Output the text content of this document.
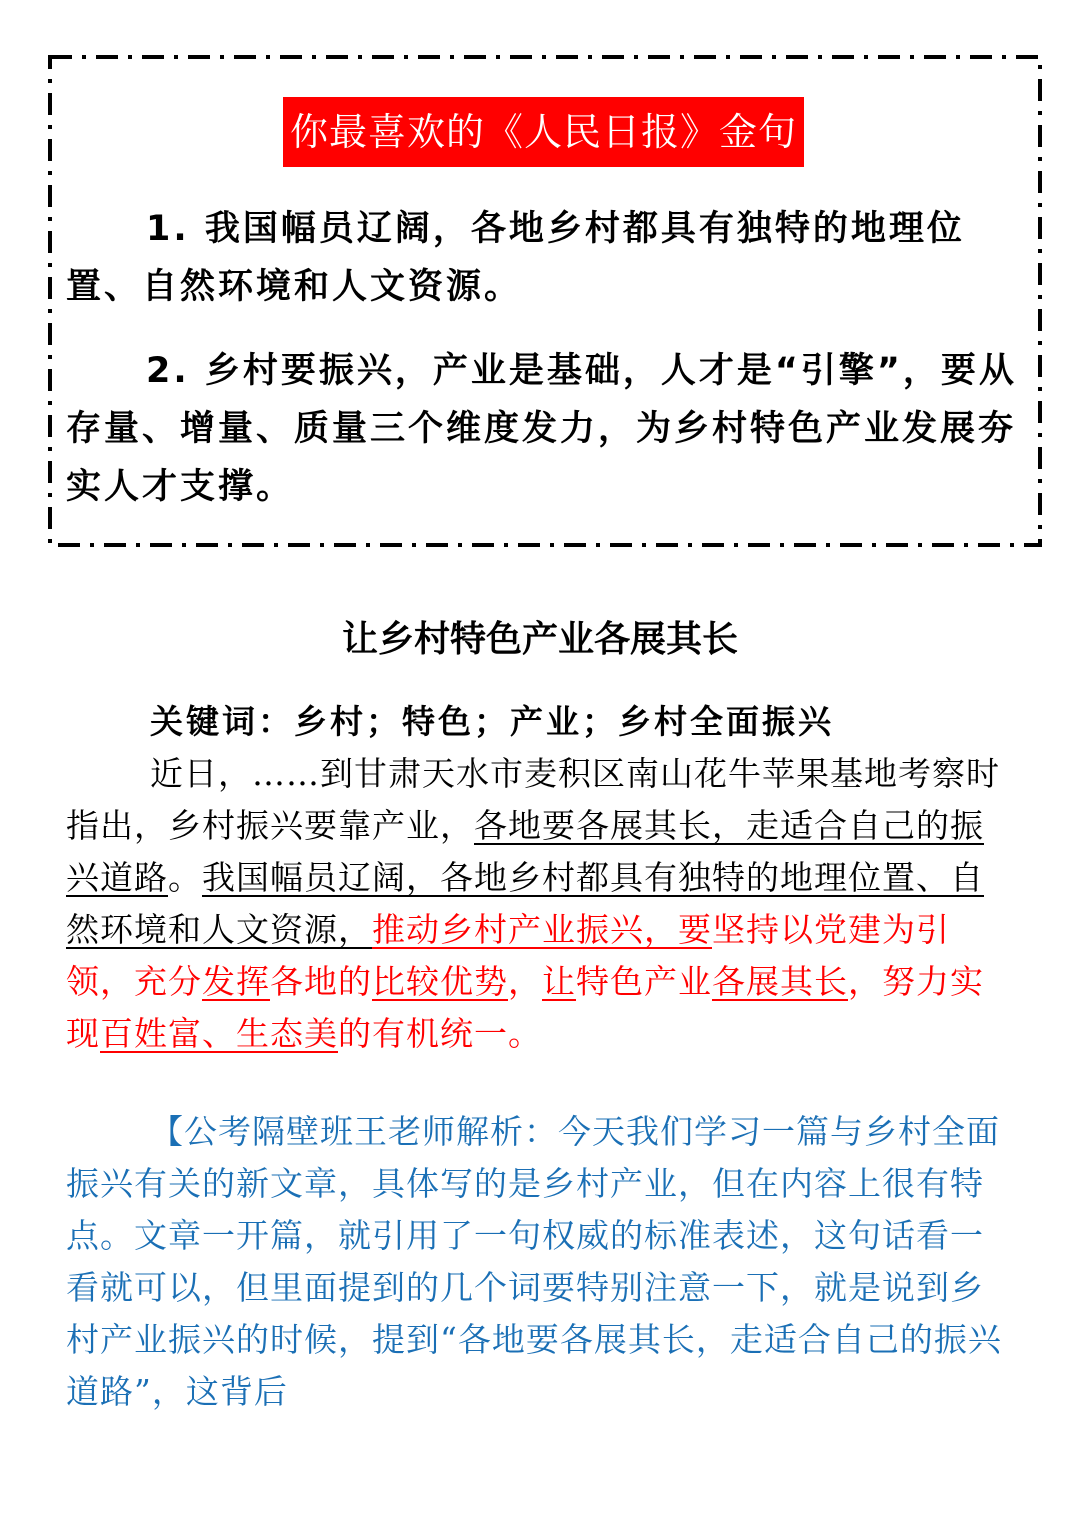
你最喜欢的《人民日报》金句
1. 我国幅员辽阔，各地乡村都具有独特的地理位置、自然环境和人文资源。
2. 乡村要振兴，产业是基础，人才是“引擎”，要从存量、增量、质量三个维度发力，为乡村特色产业发展夯实人才支撑。
让乡村特色产业各展其长
关键词：乡村；特色；产业；乡村全面振兴
近日，……到甘肃天水市麦积区南山花牛苹果基地考察时指出，乡村振兴要靠产业，各地要各展其长，走适合自己的振兴道路。我国幅员辽阔，各地乡村都具有独特的地理位置、自然环境和人文资源，推动乡村产业振兴，要坚持以党建为引领，充分发挥各地的比较优势，让特色产业各展其长，努力实现百姓富、生态美的有机统一。
【公考隔壁班王老师解析：今天我们学习一篇与乡村全面振兴有关的新文章，具体写的是乡村产业，但在内容上很有特点。文章一开篇，就引用了一句权威的标准表述，这句话看一看就可以，但里面提到的几个词要特别注意一下，就是说到乡村产业振兴的时候，提到“各地要各展其长，走适合自己的振兴道路”，这背后
